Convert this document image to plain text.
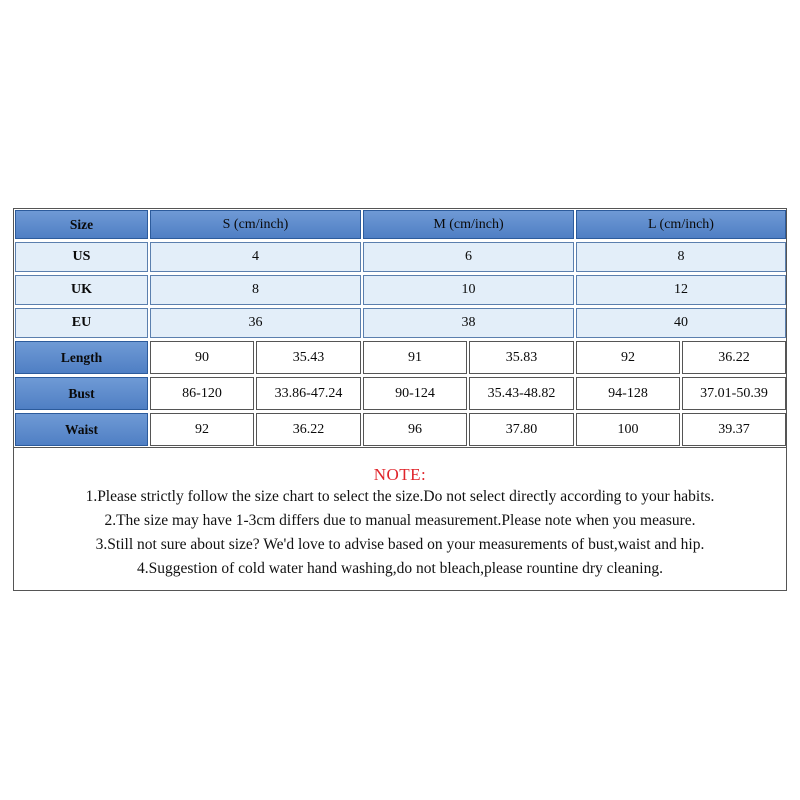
Size	S (cm/inch)	M (cm/inch)	L (cm/inch)
US	4	6	8
UK	8	10	12
EU	36	38	40
Length	90	35.43	91	35.83	92	36.22
Bust	86-120	33.86-47.24	90-124	35.43-48.82	94-128	37.01-50.39
Waist	92	36.22	96	37.80	100	39.37
NOTE:
1.Please strictly follow the size chart to select the size.Do not select directly according to your habits.
2.The size may have 1-3cm differs due to manual measurement.Please note when you measure.
3.Still not sure about size? We'd love to advise based on your measurements of bust,waist and hip.
4.Suggestion of cold water hand washing,do not bleach,please rountine dry cleaning.
